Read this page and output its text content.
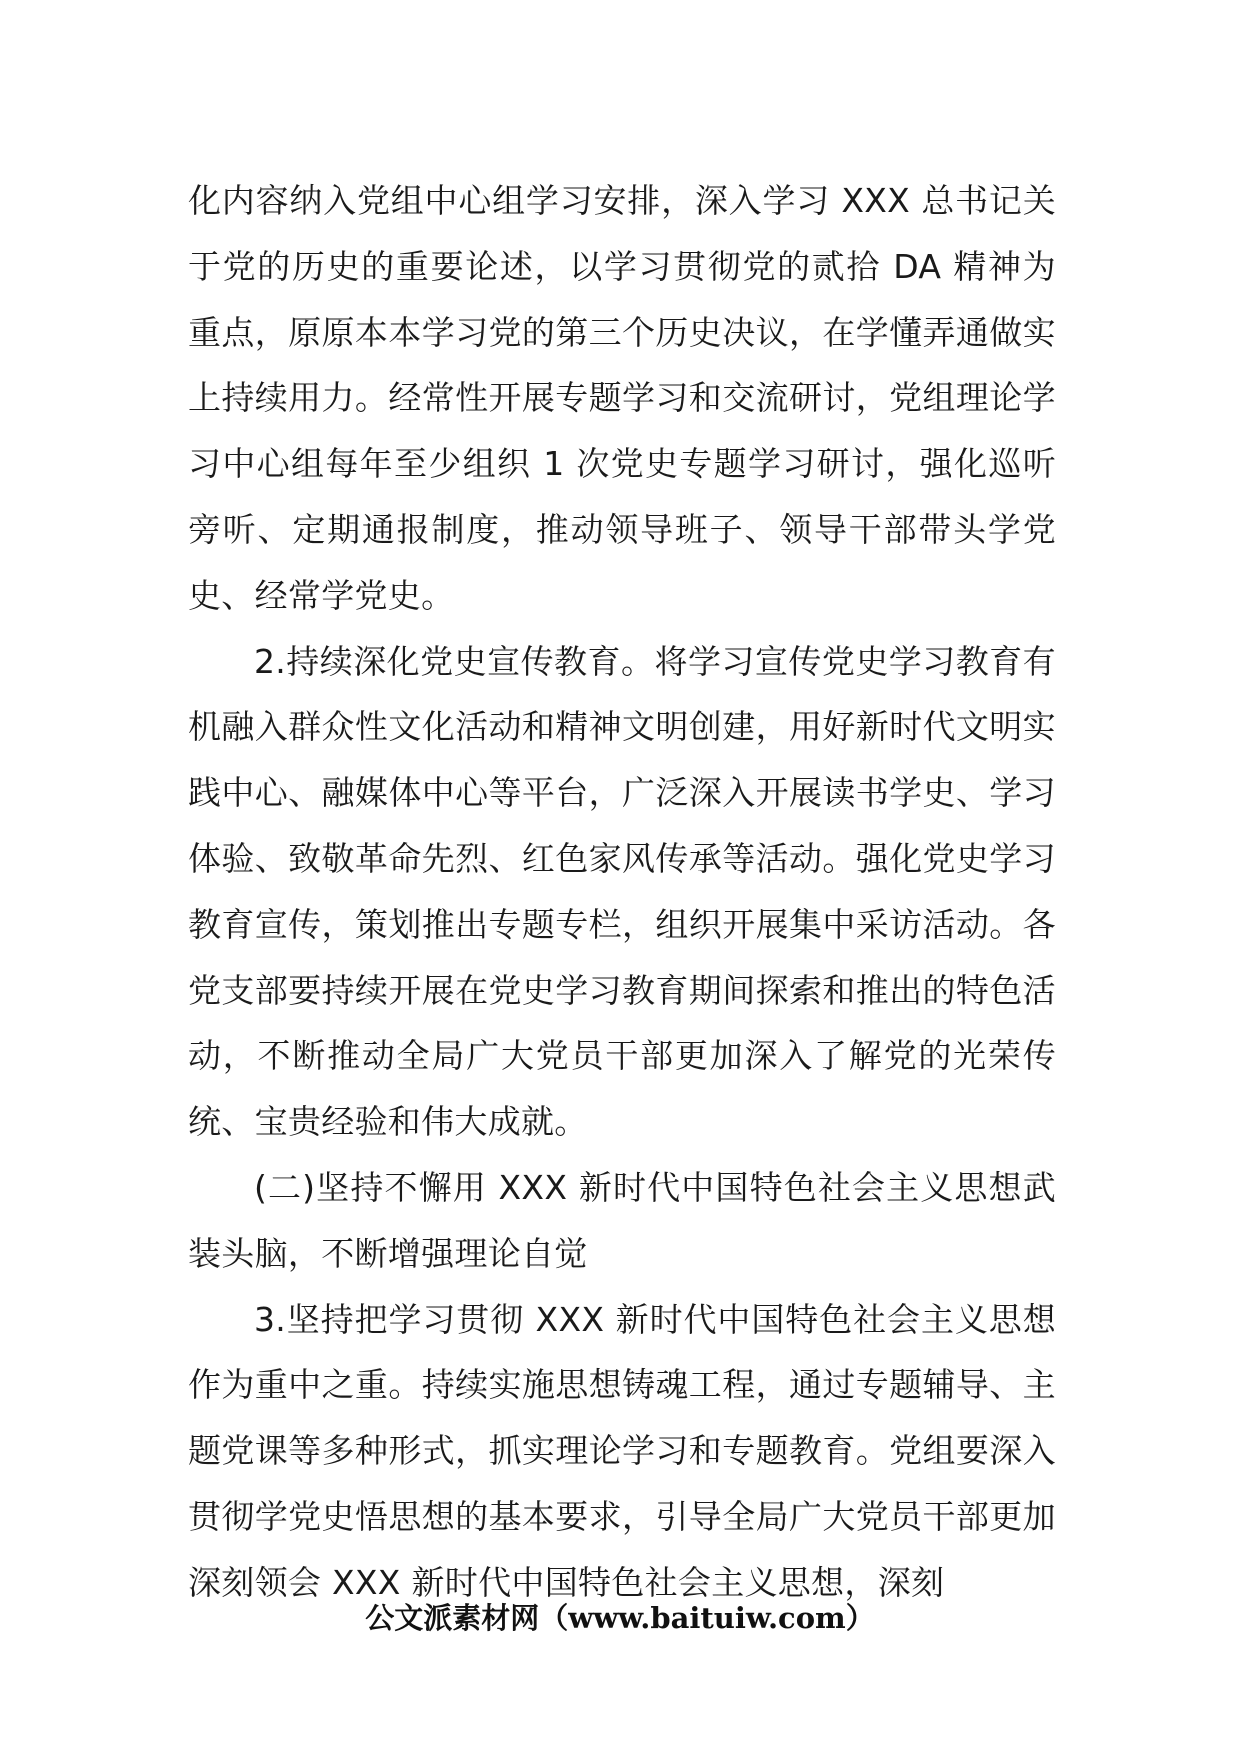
化内容纳入党组中心组学习安排，深入学习 XXX 总书记关于党的历史的重要论述，以学习贯彻党的贰拾 DA 精神为重点，原原本本学习党的第三个历史决议，在学懂弄通做实上持续用力。经常性开展专题学习和交流研讨，党组理论学习中心组每年至少组织 1 次党史专题学习研讨，强化巡听旁听、定期通报制度，推动领导班子、领导干部带头学党史、经常学党史。

2.持续深化党史宣传教育。将学习宣传党史学习教育有机融入群众性文化活动和精神文明创建，用好新时代文明实践中心、融媒体中心等平台，广泛深入开展读书学史、学习体验、致敬革命先烈、红色家风传承等活动。强化党史学习教育宣传，策划推出专题专栏，组织开展集中采访活动。各党支部要持续开展在党史学习教育期间探索和推出的特色活动，不断推动全局广大党员干部更加深入了解党的光荣传统、宝贵经验和伟大成就。

(二)坚持不懈用 XXX 新时代中国特色社会主义思想武装头脑，不断增强理论自觉

3.坚持把学习贯彻 XXX 新时代中国特色社会主义思想作为重中之重。持续实施思想铸魂工程，通过专题辅导、主题党课等多种形式，抓实理论学习和专题教育。党组要深入贯彻学党史悟思想的基本要求，引导全局广大党员干部更加深刻领会 XXX 新时代中国特色社会主义思想，深刻

公文派素材网（www.baituiw.com）
